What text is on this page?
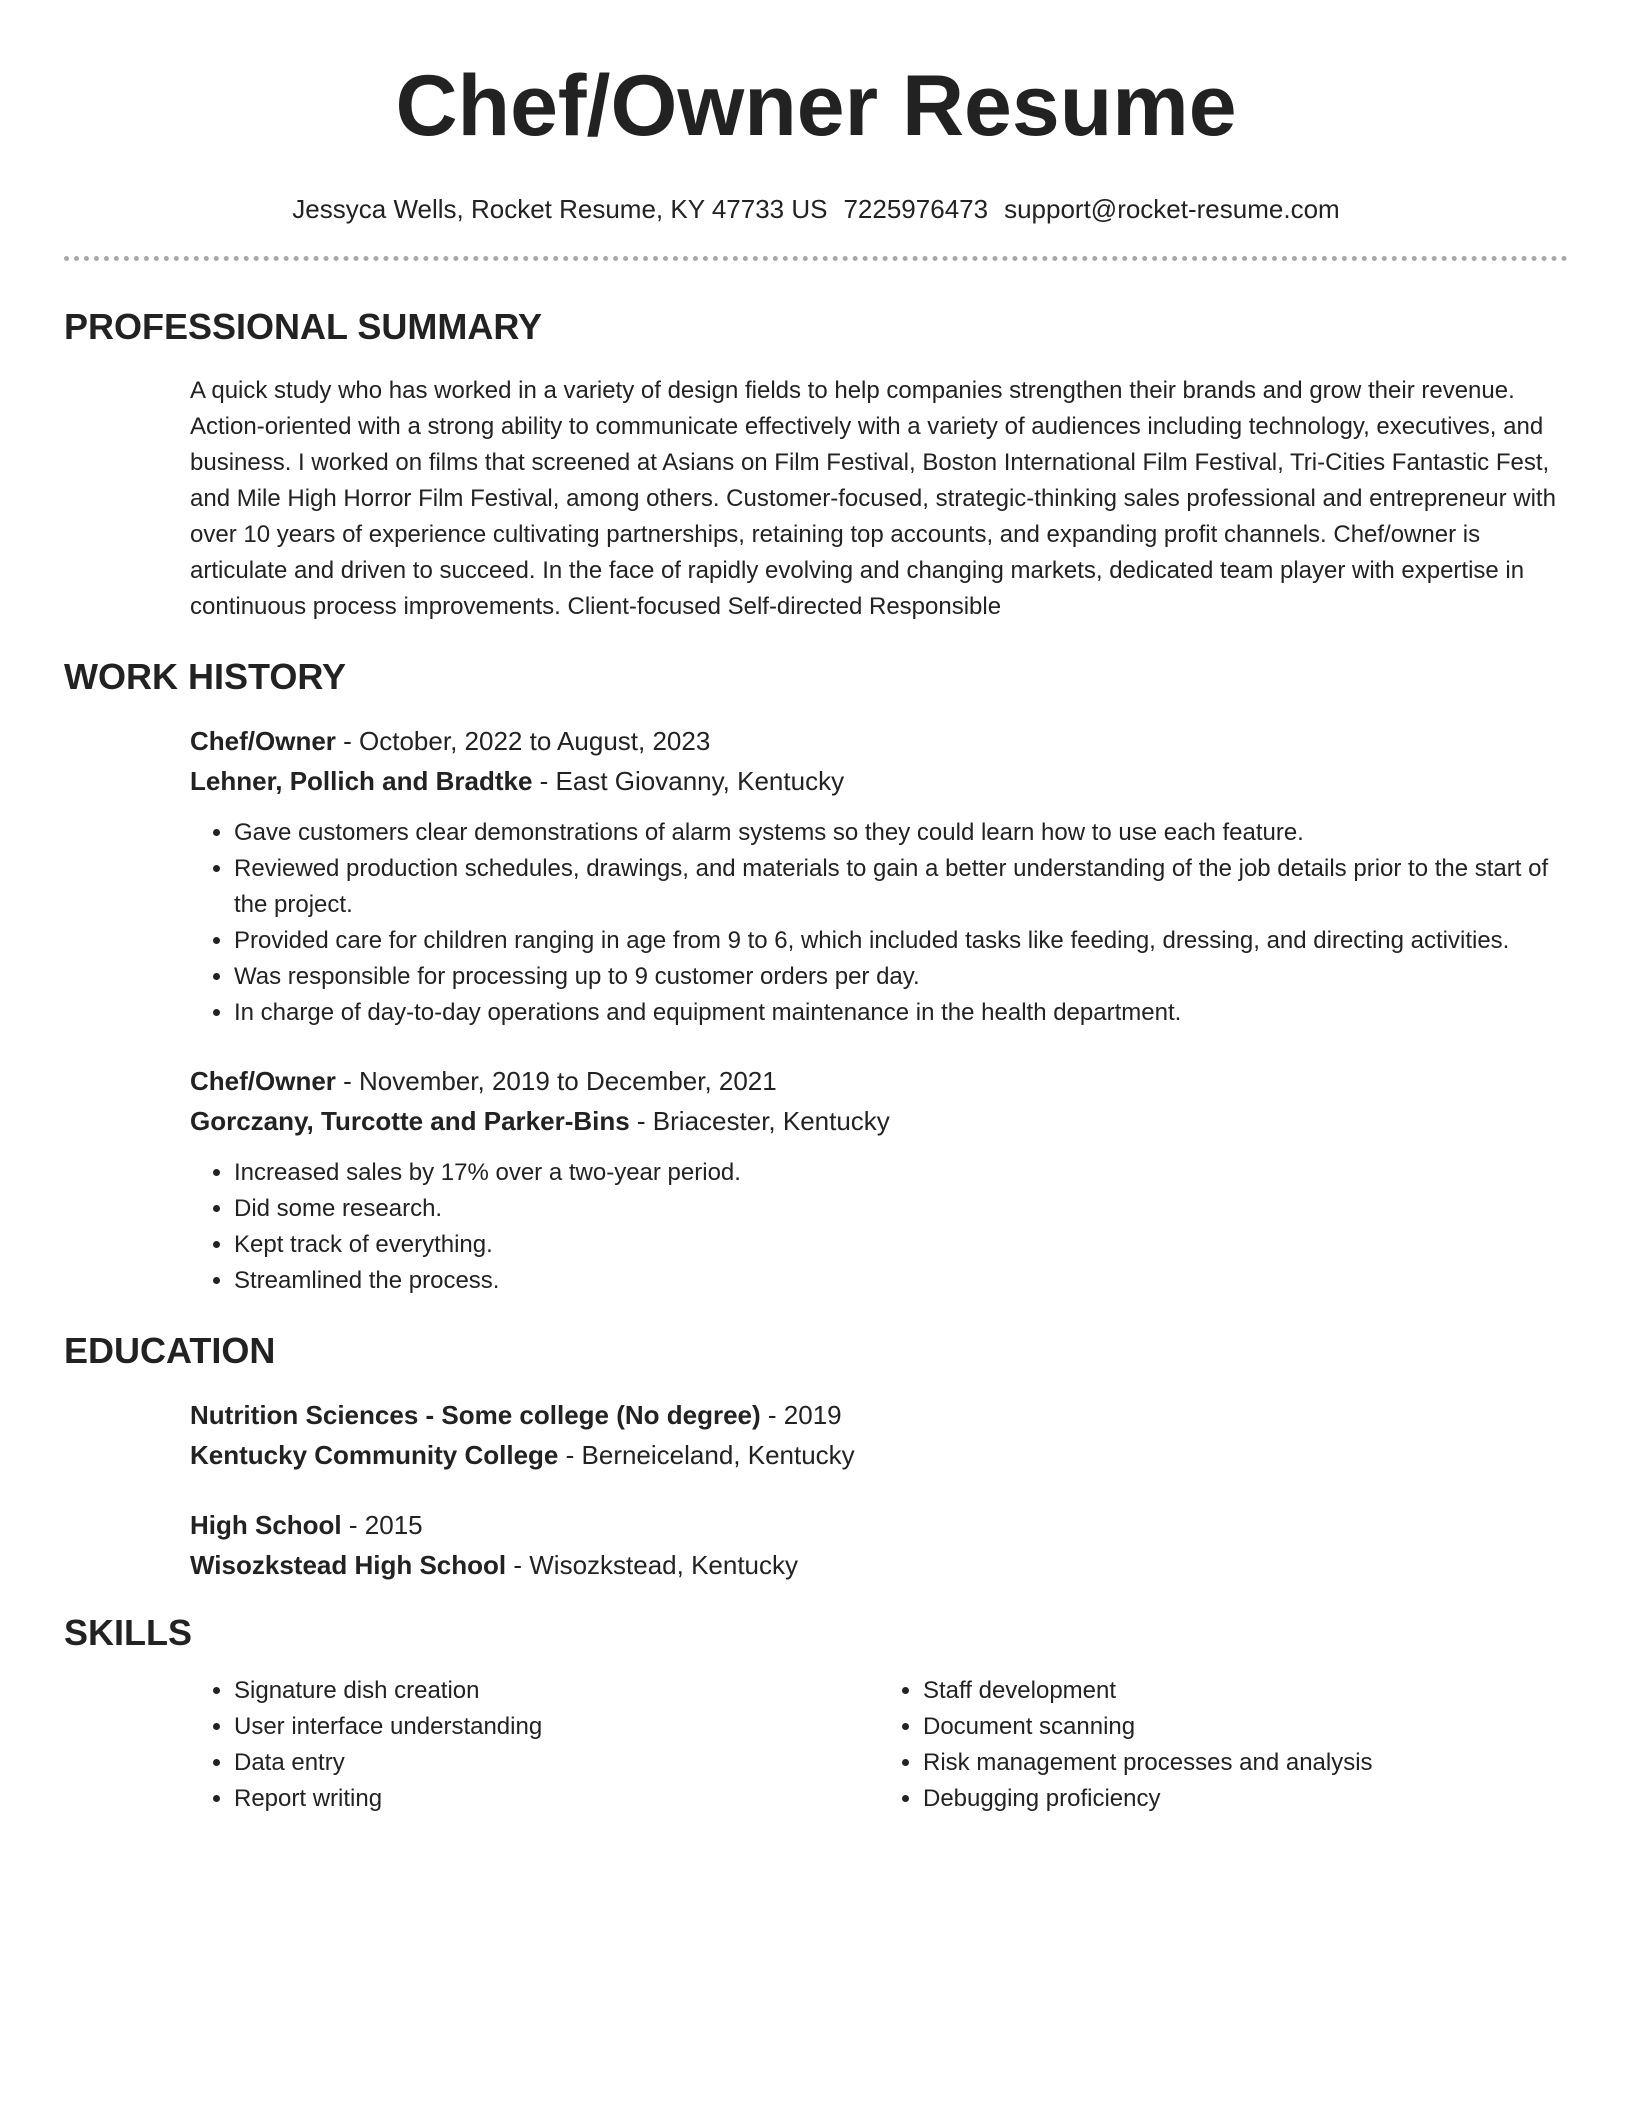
Chef/Owner Resume
Jessyca Wells, Rocket Resume, KY 47733 US 7225976473 support@rocket-resume.com
PROFESSIONAL SUMMARY
A quick study who has worked in a variety of design fields to help companies strengthen their brands and grow their revenue. Action-oriented with a strong ability to communicate effectively with a variety of audiences including technology, executives, and business. I worked on films that screened at Asians on Film Festival, Boston International Film Festival, Tri-Cities Fantastic Fest, and Mile High Horror Film Festival, among others. Customer-focused, strategic-thinking sales professional and entrepreneur with over 10 years of experience cultivating partnerships, retaining top accounts, and expanding profit channels. Chef/owner is articulate and driven to succeed. In the face of rapidly evolving and changing markets, dedicated team player with expertise in continuous process improvements. Client-focused Self-directed Responsible
WORK HISTORY
Chef/Owner - October, 2022 to August, 2023
Lehner, Pollich and Bradtke - East Giovanny, Kentucky
• Gave customers clear demonstrations of alarm systems so they could learn how to use each feature.
• Reviewed production schedules, drawings, and materials to gain a better understanding of the job details prior to the start of the project.
• Provided care for children ranging in age from 9 to 6, which included tasks like feeding, dressing, and directing activities.
• Was responsible for processing up to 9 customer orders per day.
• In charge of day-to-day operations and equipment maintenance in the health department.
Chef/Owner - November, 2019 to December, 2021
Gorczany, Turcotte and Parker-Bins - Briacester, Kentucky
• Increased sales by 17% over a two-year period.
• Did some research.
• Kept track of everything.
• Streamlined the process.
EDUCATION
Nutrition Sciences - Some college (No degree) - 2019
Kentucky Community College - Berneiceland, Kentucky
High School - 2015
Wisozkstead High School - Wisozkstead, Kentucky
SKILLS
• Signature dish creation
• User interface understanding
• Data entry
• Report writing
• Staff development
• Document scanning
• Risk management processes and analysis
• Debugging proficiency
